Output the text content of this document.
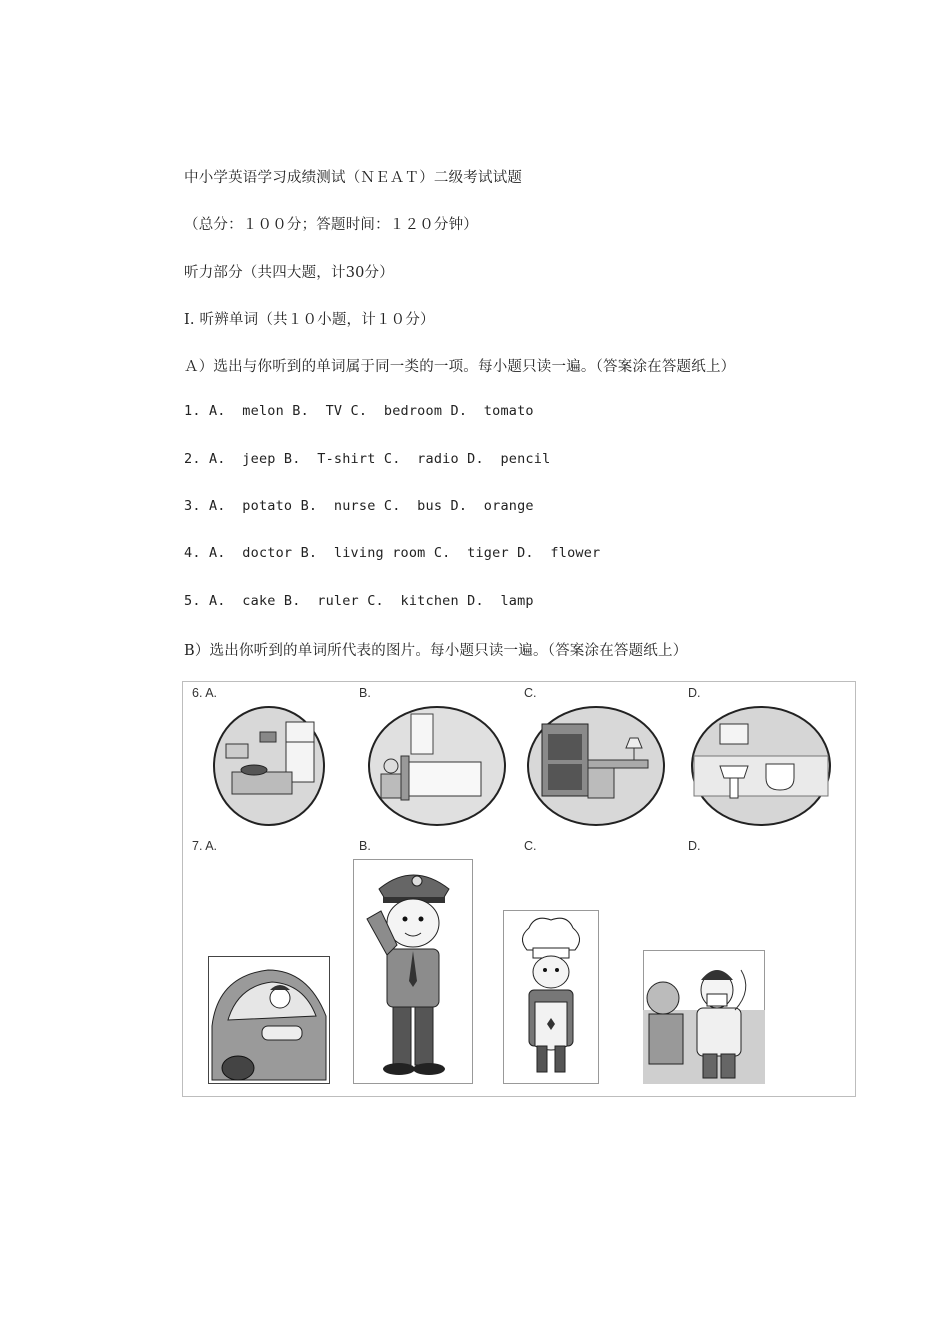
中小学英语学习成绩测试（ＮＥＡＴ）二级考试试题
（总分：１００分；答题时间：１２０分钟）
听力部分（共四大题，计30分）
I. 听辨单词（共１０小题，计１０分）
Ａ）选出与你听到的单词属于同一类的一项。每小题只读一遍。（答案涂在答题纸上）
1. A.  melon B.  TV C.  bedroom D.  tomato
2. A.  jeep B.  T-shirt C.  radio D.  pencil
3. A.  potato B.  nurse C.  bus D.  orange
4. A.  doctor B.  living room C.  tiger D.  flower
5. A.  cake B.  ruler C.  kitchen D.  lamp
B）选出你听到的单词所代表的图片。每小题只读一遍。（答案涂在答题纸上）
6. A.	B.	C.	D.
7. A.	B.	C.	D.
